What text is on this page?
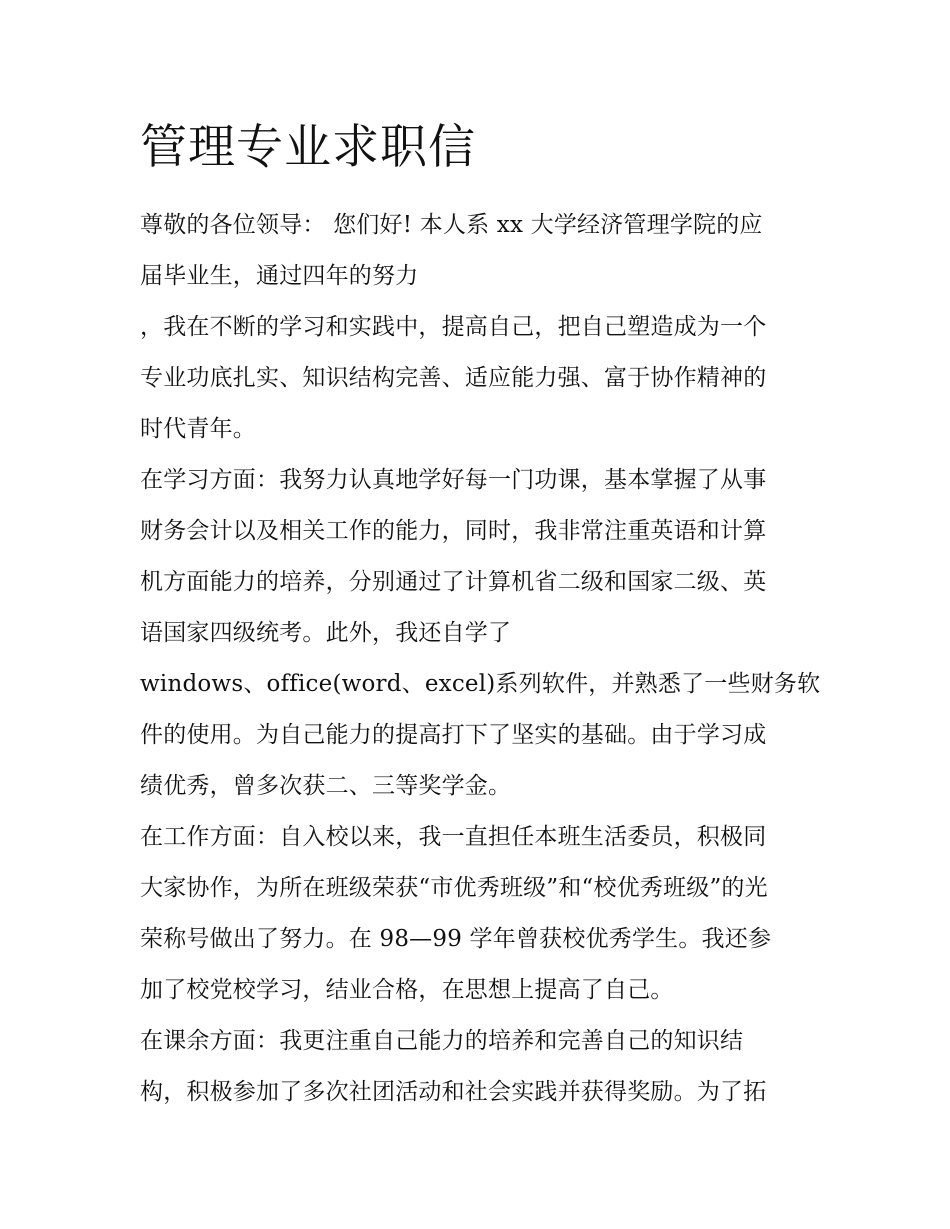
管理专业求职信
尊敬的各位领导： 您们好! 本人系 xx 大学经济管理学院的应
届毕业生，通过四年的努力
，我在不断的学习和实践中，提高自己，把自己塑造成为一个
专业功底扎实、知识结构完善、适应能力强、富于协作精神的
时代青年。
在学习方面：我努力认真地学好每一门功课，基本掌握了从事
财务会计以及相关工作的能力，同时，我非常注重英语和计算
机方面能力的培养，分别通过了计算机省二级和国家二级、英
语国家四级统考。此外，我还自学了
windows、office(word、excel)系列软件，并熟悉了一些财务软
件的使用。为自己能力的提高打下了坚实的基础。由于学习成
绩优秀，曾多次获二、三等奖学金。
在工作方面：自入校以来，我一直担任本班生活委员，积极同
大家协作，为所在班级荣获“市优秀班级”和“校优秀班级”的光
荣称号做出了努力。在 98—99 学年曾获校优秀学生。我还参
加了校党校学习，结业合格，在思想上提高了自己。
在课余方面：我更注重自己能力的培养和完善自己的知识结
构，积极参加了多次社团活动和社会实践并获得奖励。为了拓
